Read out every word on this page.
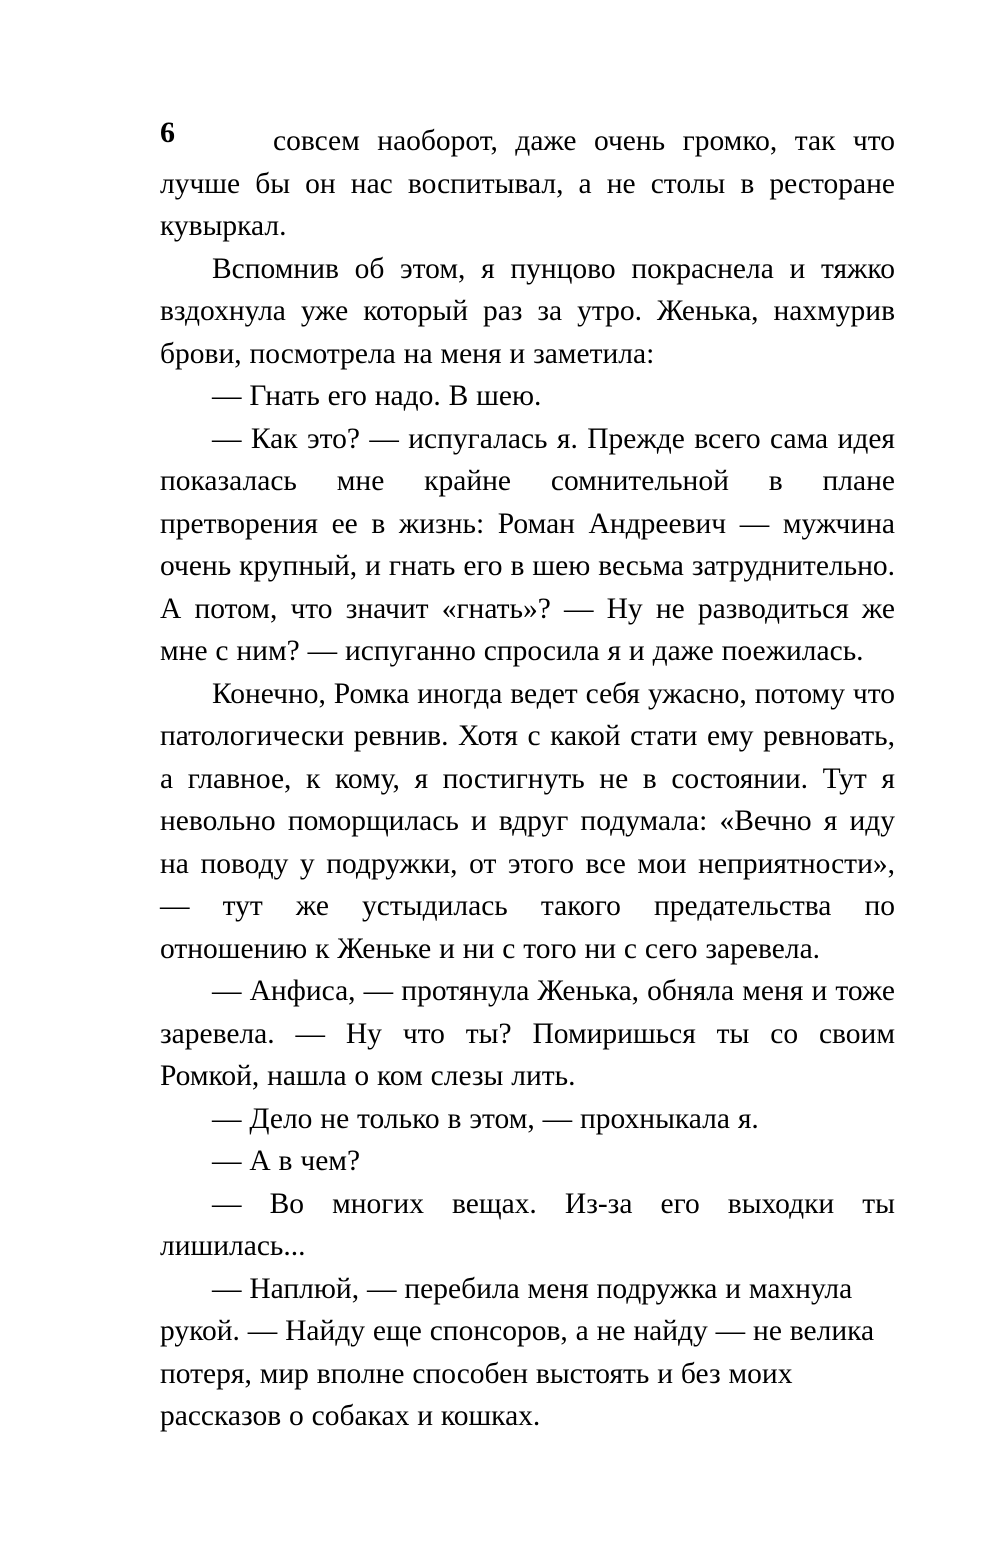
6	совсем наоборот, даже очень громко, так что лучше бы он нас воспитывал, а не столы в ресторане кувыркал.

Вспомнив об этом, я пунцово покраснела и тяжко вздохнула уже который раз за утро. Женька, нахмурив брови, посмотрела на меня и заметила:

— Гнать его надо. В шею.

— Как это? — испугалась я. Прежде всего сама идея показалась мне крайне сомнительной в плане претворения ее в жизнь: Роман Андреевич — мужчина очень крупный, и гнать его в шею весьма затруднительно. А потом, что значит «гнать»? — Ну не разводиться же мне с ним? — испуганно спросила я и даже поежилась.

Конечно, Ромка иногда ведет себя ужасно, потому что патологически ревнив. Хотя с какой стати ему ревновать, а главное, к кому, я постигнуть не в состоянии. Тут я невольно поморщилась и вдруг подумала: «Вечно я иду на поводу у подружки, от этого все мои неприятности», — тут же устыдилась такого предательства по отношению к Женьке и ни с того ни с сего заревела.

— Анфиса, — протянула Женька, обняла меня и тоже заревела. — Ну что ты? Помиришься ты со своим Ромкой, нашла о ком слезы лить.

— Дело не только в этом, — прохныкала я.

— А в чем?

— Во многих вещах. Из-за его выходки ты лишилась...

— Наплюй, — перебила меня подружка и махнула рукой. — Найду еще спонсоров, а не найду — не велика потеря, мир вполне способен выстоять и без моих рассказов о собаках и кошках.
